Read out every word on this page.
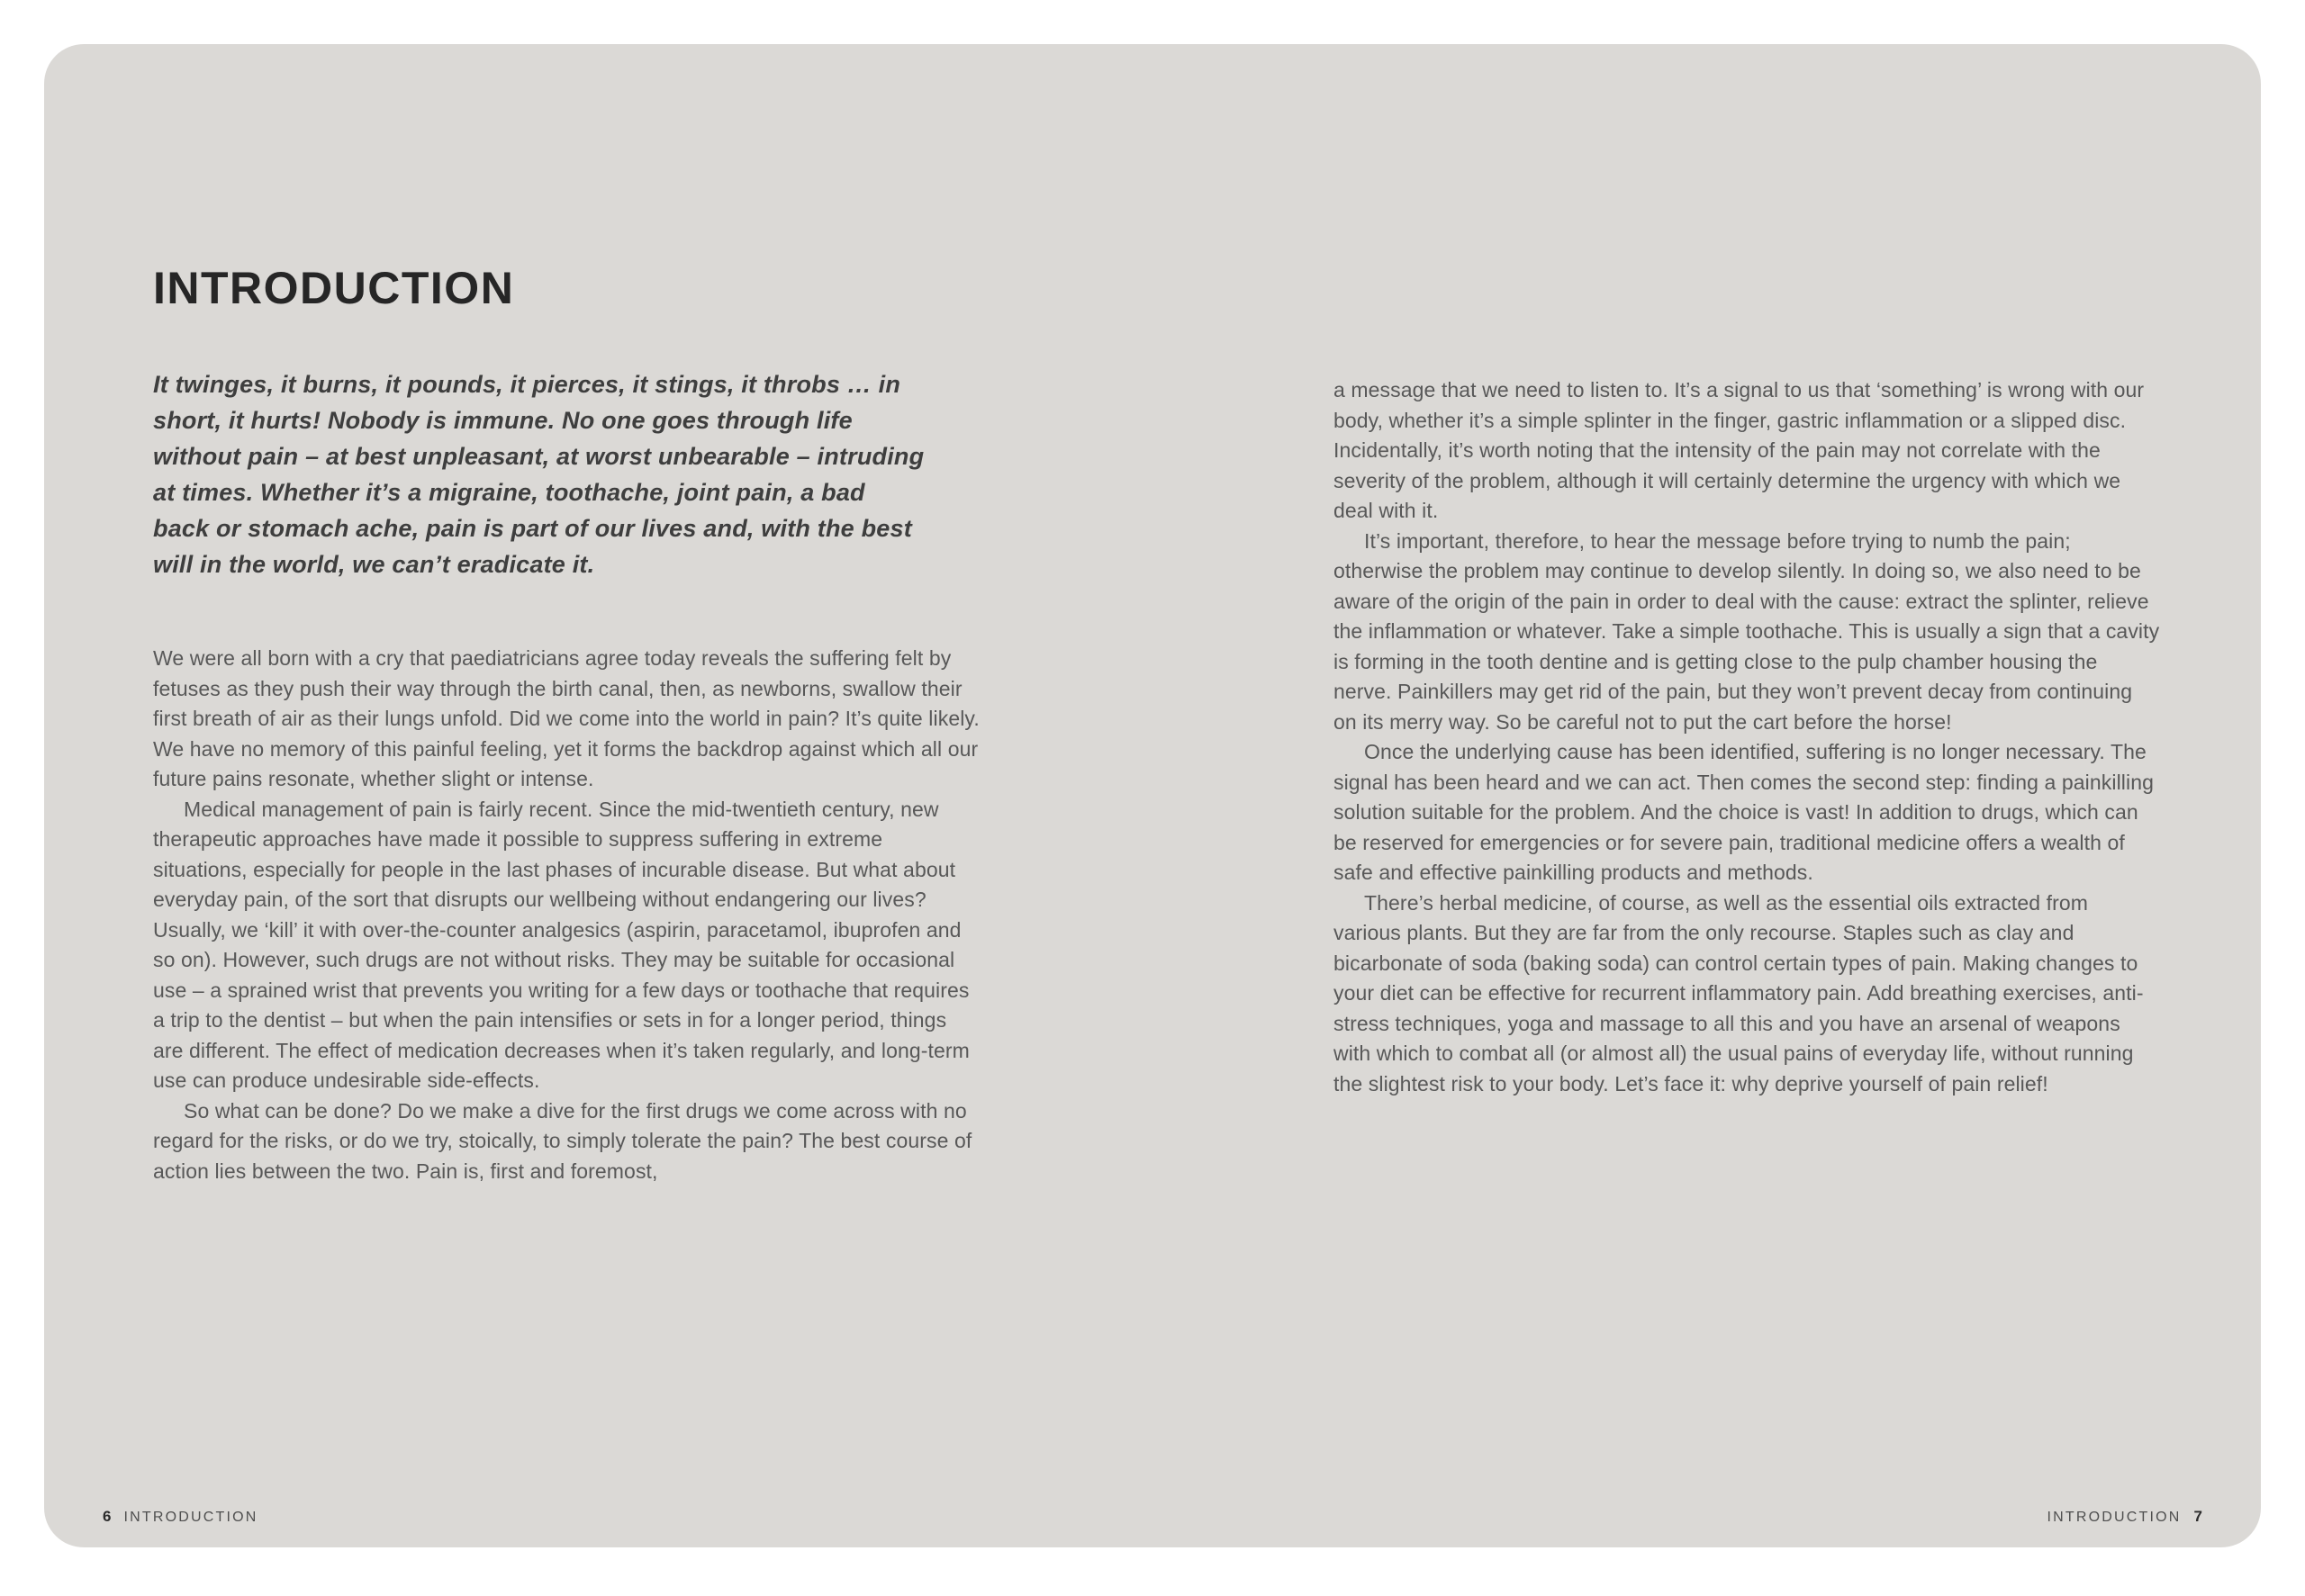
INTRODUCTION

It twinges, it burns, it pounds, it pierces, it stings, it throbs … in short, it hurts! Nobody is immune. No one goes through life without pain – at best unpleasant, at worst unbearable – intruding at times. Whether it’s a migraine, toothache, joint pain, a bad back or stomach ache, pain is part of our lives and, with the best will in the world, we can’t eradicate it.

We were all born with a cry that paediatricians agree today reveals the suffering felt by fetuses as they push their way through the birth canal, then, as newborns, swallow their first breath of air as their lungs unfold. Did we come into the world in pain? It’s quite likely. We have no memory of this painful feeling, yet it forms the backdrop against which all our future pains resonate, whether slight or intense.

Medical management of pain is fairly recent. Since the mid-twentieth century, new therapeutic approaches have made it possible to suppress suffering in extreme situations, especially for people in the last phases of incurable disease. But what about everyday pain, of the sort that disrupts our wellbeing without endangering our lives? Usually, we ‘kill’ it with over-the-counter analgesics (aspirin, paracetamol, ibuprofen and so on). However, such drugs are not without risks. They may be suitable for occasional use – a sprained wrist that prevents you writing for a few days or toothache that requires a trip to the dentist – but when the pain intensifies or sets in for a longer period, things are different. The effect of medication decreases when it’s taken regularly, and long-term use can produce undesirable side-effects.

So what can be done? Do we make a dive for the first drugs we come across with no regard for the risks, or do we try, stoically, to simply tolerate the pain? The best course of action lies between the two. Pain is, first and foremost,

a message that we need to listen to. It’s a signal to us that ‘something’ is wrong with our body, whether it’s a simple splinter in the finger, gastric inflammation or a slipped disc. Incidentally, it’s worth noting that the intensity of the pain may not correlate with the severity of the problem, although it will certainly determine the urgency with which we deal with it.

It’s important, therefore, to hear the message before trying to numb the pain; otherwise the problem may continue to develop silently. In doing so, we also need to be aware of the origin of the pain in order to deal with the cause: extract the splinter, relieve the inflammation or whatever. Take a simple toothache. This is usually a sign that a cavity is forming in the tooth dentine and is getting close to the pulp chamber housing the nerve. Painkillers may get rid of the pain, but they won’t prevent decay from continuing on its merry way. So be careful not to put the cart before the horse!

Once the underlying cause has been identified, suffering is no longer necessary. The signal has been heard and we can act. Then comes the second step: finding a painkilling solution suitable for the problem. And the choice is vast! In addition to drugs, which can be reserved for emergencies or for severe pain, traditional medicine offers a wealth of safe and effective painkilling products and methods.

There’s herbal medicine, of course, as well as the essential oils extracted from various plants. But they are far from the only recourse. Staples such as clay and bicarbonate of soda (baking soda) can control certain types of pain. Making changes to your diet can be effective for recurrent inflammatory pain. Add breathing exercises, anti-stress techniques, yoga and massage to all this and you have an arsenal of weapons with which to combat all (or almost all) the usual pains of everyday life, without running the slightest risk to your body. Let’s face it: why deprive yourself of pain relief!

6 INTRODUCTION	INTRODUCTION 7
